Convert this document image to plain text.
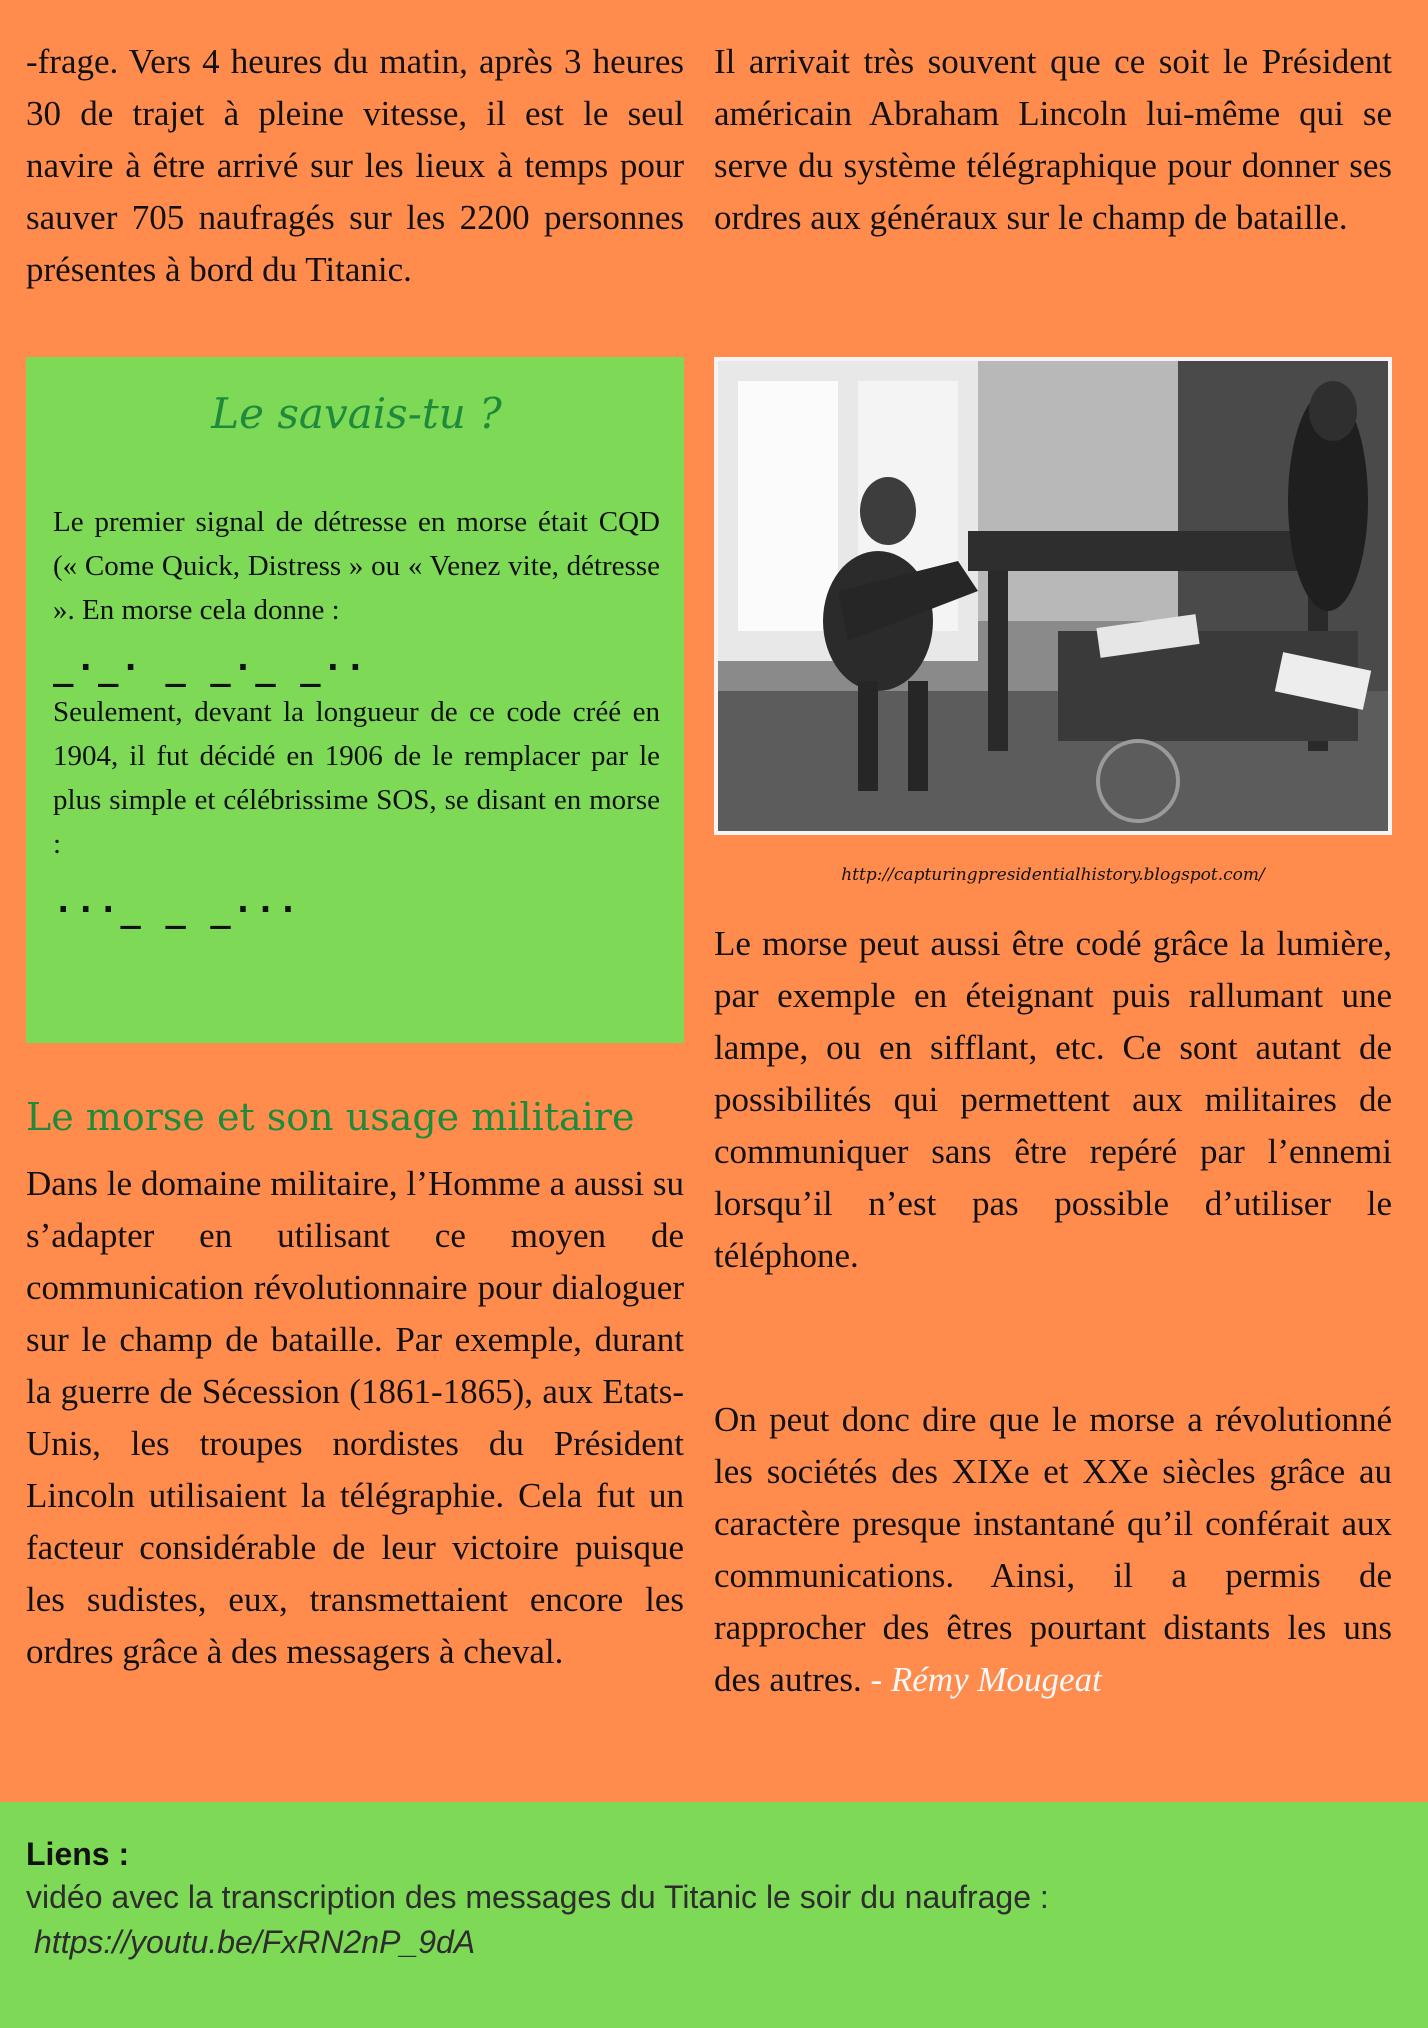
-frage. Vers 4 heures du matin, après 3 heures 30 de trajet à pleine vitesse, il est le seul navire à être arrivé sur les lieux à temps pour sauver 705 naufragés sur les 2200 personnes présentes à bord du Titanic.

Le savais-tu ?

Le premier signal de détresse en morse était CQD (« Come Quick, Distress » ou « Venez vite, détresse ». En morse cela donne :

_·_· _ _·_ _··

Seulement, devant la longueur de ce code créé en 1904, il fut décidé en 1906 de le remplacer par le plus simple et célébrissime SOS, se disant en morse :

···_ _ _···

Le morse et son usage militaire

Dans le domaine militaire, l’Homme a aussi su s’adapter en utilisant ce moyen de communication révolutionnaire pour dialoguer sur le champ de bataille. Par exemple, durant la guerre de Sécession (1861-1865), aux Etats-Unis, les troupes nordistes du Président Lincoln utilisaient la télégraphie. Cela fut un facteur considérable de leur victoire puisque les sudistes, eux, transmettaient encore les ordres grâce à des messagers à cheval.

Il arrivait très souvent que ce soit le Président américain Abraham Lincoln lui-même qui se serve du système télégraphique pour donner ses ordres aux généraux sur le champ de bataille.

http://capturingpresidentialhistory.blogspot.com/

Le morse peut aussi être codé grâce la lumière, par exemple en éteignant puis rallumant une lampe, ou en sifflant, etc. Ce sont autant de possibilités qui permettent aux militaires de communiquer sans être repéré par l’ennemi lorsqu’il n’est pas possible d’utiliser le téléphone.

On peut donc dire que le morse a révolutionné les sociétés des XIXe et XXe siècles grâce au caractère presque instantané qu’il conférait aux communications. Ainsi, il a permis de rapprocher des êtres pourtant distants les uns des autres. - Rémy Mougeat

Liens :

vidéo avec la transcription des messages du Titanic le soir du naufrage :

https://youtu.be/FxRN2nP_9dA
